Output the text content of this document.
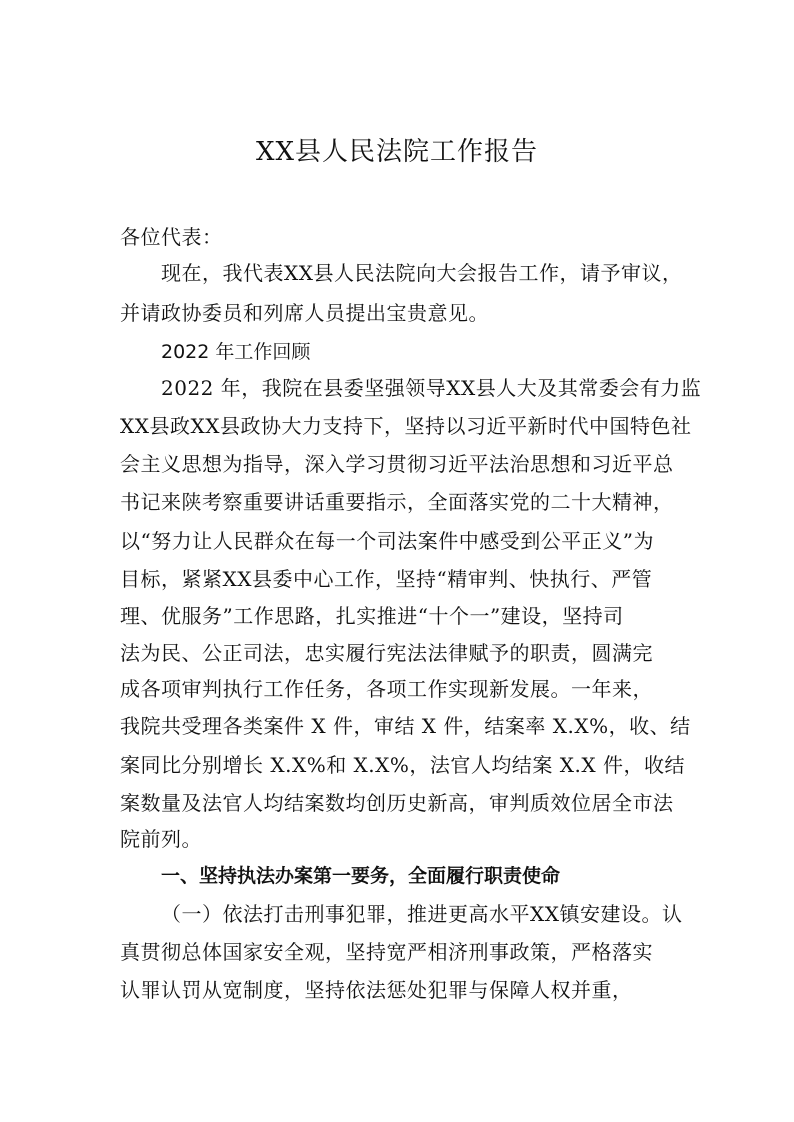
XX县人民法院工作报告
各位代表：
现在，我代表XX县人民法院向大会报告工作，请予审议，
并请政协委员和列席人员提出宝贵意见。
2022 年工作回顾
2022 年，我院在县委坚强领导XX县人大及其常委会有力监
XX县政XX县政协大力支持下，坚持以习近平新时代中国特色社
会主义思想为指导，深入学习贯彻习近平法治思想和习近平总
书记来陕考察重要讲话重要指示，全面落实党的二十大精神，
以“努力让人民群众在每一个司法案件中感受到公平正义”为
目标，紧紧XX县委中心工作，坚持“精审判、快执行、严管
理、优服务”工作思路，扎实推进“十个一”建设，坚持司
法为民、公正司法，忠实履行宪法法律赋予的职责，圆满完
成各项审判执行工作任务，各项工作实现新发展。一年来，
我院共受理各类案件 X 件，审结 X 件，结案率 X.X%，收、结
案同比分别增长 X.X%和 X.X%，法官人均结案 X.X 件，收结
案数量及法官人均结案数均创历史新高，审判质效位居全市法
院前列。
一、坚持执法办案第一要务，全面履行职责使命
（一）依法打击刑事犯罪，推进更高水平XX镇安建设。认
真贯彻总体国家安全观，坚持宽严相济刑事政策，严格落实
认罪认罚从宽制度，坚持依法惩处犯罪与保障人权并重，
